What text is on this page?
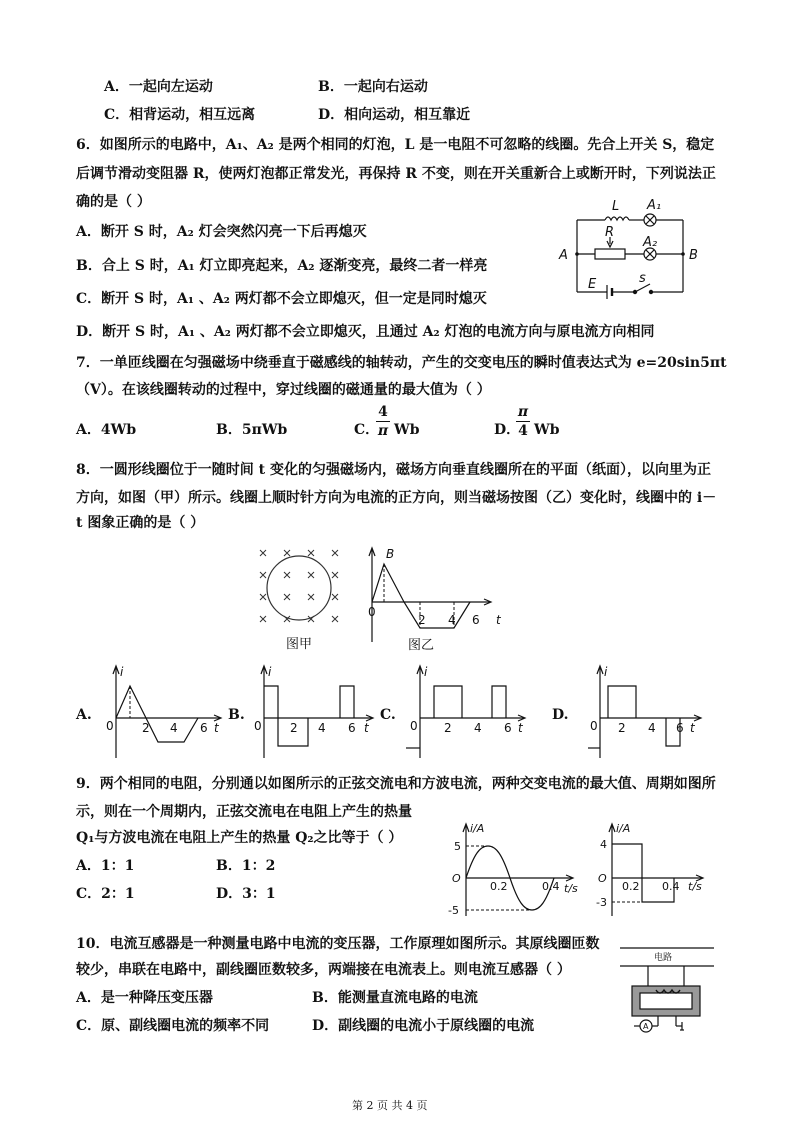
A．一起向左运动	B．一起向右运动
C．相背运动，相互远离	D．相向运动，相互靠近
6．如图所示的电路中，A₁、A₂ 是两个相同的灯泡，L 是一电阻不可忽略的线圈。先合上开关 S，稳定
后调节滑动变阻器 R，使两灯泡都正常发光，再保持 R 不变，则在开关重新合上或断开时，下列说法正
确的是（ ）
A．断开 S 时，A₂ 灯会突然闪亮一下后再熄灭
B．合上 S 时，A₁ 灯立即亮起来，A₂ 逐渐变亮，最终二者一样亮
C．断开 S 时，A₁ 、A₂ 两灯都不会立即熄灭，但一定是同时熄灭
D．断开 S 时，A₁ 、A₂ 两灯都不会立即熄灭，且通过 A₂ 灯泡的电流方向与原电流方向相同
L A₁
R
A₂
A	B
E	s
7．一单匝线圈在匀强磁场中绕垂直于磁感线的轴转动，产生的交变电压的瞬时值表达式为 e=20sin5πt
（V）。在该线圈转动的过程中，穿过线圈的磁通量的最大值为（ ）
A．4Wb	B．5πWb	C．
4
π Wb	D．
π
4 Wb
8．一圆形线圈位于一随时间 t 变化的匀强磁场内，磁场方向垂直线圈所在的平面（纸面），以向里为正
方向，如图（甲）所示。线圈上顺时针方向为电流的正方向，则当磁场按图（乙）变化时，线圈中的 i－
t 图象正确的是（ ）
图甲
B
0
2 4 6 t
图乙
A.
i
0 2 4 6 t
B.
i
0 2 4 6 t
C.
i
0 2 4 6 t
D.
i
0 2 4 6 t
9．两个相同的电阻，分别通以如图所示的正弦交流电和方波电流，两种交变电流的最大值、周期如图所
示，则在一个周期内，正弦交流电在电阻上产生的热量
Q₁与方波电流在电阻上产生的热量 Q₂之比等于（ ）
A．1：1	B．1：2
C．2：1	D．3：1
i/A
5
O
-5
0.2	0.4 t/s
i/A
4
O
-3
0.2 0.4 t/s
10．电流互感器是一种测量电路中电流的变压器，工作原理如图所示。其原线圈匝数
较少，串联在电路中，副线圈匝数较多，两端接在电流表上。则电流互感器（ ）
A．是一种降压变压器	B．能测量直流电路的电流
C．原、副线圈电流的频率不同	D．副线圈的电流小于原线圈的电流
电路
A
第 2 页 共 4 页
